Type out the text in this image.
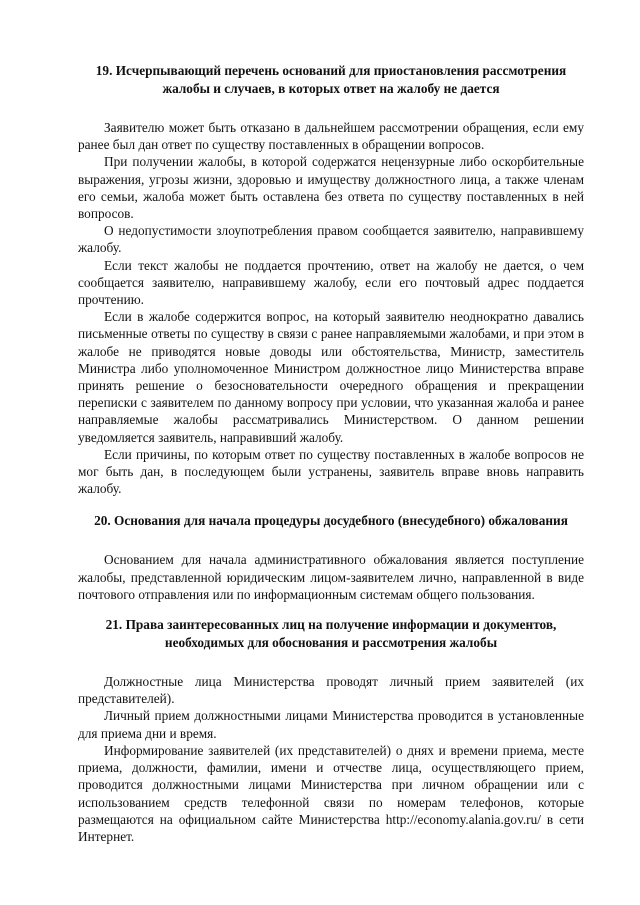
19. Исчерпывающий перечень оснований для приостановления рассмотрения жалобы и случаев, в которых ответ на жалобу не дается

Заявителю может быть отказано в дальнейшем рассмотрении обращения, если ему ранее был дан ответ по существу поставленных в обращении вопросов.

При получении жалобы, в которой содержатся нецензурные либо оскорбительные выражения, угрозы жизни, здоровью и имуществу должностного лица, а также членам его семьи, жалоба может быть оставлена без ответа по существу поставленных в ней вопросов.

О недопустимости злоупотребления правом сообщается заявителю, направившему жалобу.

Если текст жалобы не поддается прочтению, ответ на жалобу не дается, о чем сообщается заявителю, направившему жалобу, если его почтовый адрес поддается прочтению.

Если в жалобе содержится вопрос, на который заявителю неоднократно давались письменные ответы по существу в связи с ранее направляемыми жалобами, и при этом в жалобе не приводятся новые доводы или обстоятельства, Министр, заместитель Министра либо уполномоченное Министром должностное лицо Министерства вправе принять решение о безосновательности очередного обращения и прекращении переписки с заявителем по данному вопросу при условии, что указанная жалоба и ранее направляемые жалобы рассматривались Министерством. О данном решении уведомляется заявитель, направивший жалобу.

Если причины, по которым ответ по существу поставленных в жалобе вопросов не мог быть дан, в последующем были устранены, заявитель вправе вновь направить жалобу.

20. Основания для начала процедуры досудебного (внесудебного) обжалования

Основанием для начала административного обжалования является поступление жалобы, представленной юридическим лицом-заявителем лично, направленной в виде почтового отправления или по информационным системам общего пользования.

21. Права заинтересованных лиц на получение информации и документов, необходимых для обоснования и рассмотрения жалобы

Должностные лица Министерства проводят личный прием заявителей (их представителей).

Личный прием должностными лицами Министерства проводится в установленные для приема дни и время.

Информирование заявителей (их представителей) о днях и времени приема, месте приема, должности, фамилии, имени и отчестве лица, осуществляющего прием, проводится должностными лицами Министерства при личном обращении или с использованием средств телефонной связи по номерам телефонов, которые размещаются на официальном сайте Министерства http://economy.alania.gov.ru/ в сети Интернет.
